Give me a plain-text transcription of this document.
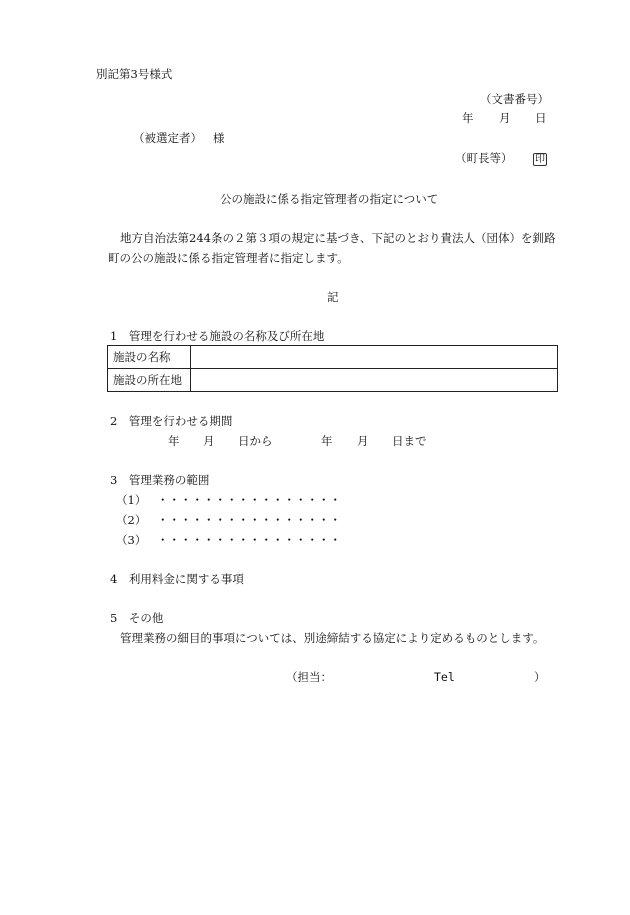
別記第3号様式
（文書番号）
年 月 日
（被選定者） 様
（町長等） 印
公の施設に係る指定管理者の指定について
地方自治法第244条の２第３項の規定に基づき、下記のとおり貴法人（団体）を釧路
町の公の施設に係る指定管理者に指定します。
記
1　管理を行わせる施設の名称及び所在地
施設の名称	
施設の所在地	
2　管理を行わせる期間
年 月 日から	年 月 日まで
3　管理業務の範囲
（1） ・・・・・・・・・・・・・・・・
（2） ・・・・・・・・・・・・・・・・
（3） ・・・・・・・・・・・・・・・・
4　利用料金に関する事項
5　その他
管理業務の細目的事項については、別途締結する協定により定めるものとします。
（担当：	Tel	）
